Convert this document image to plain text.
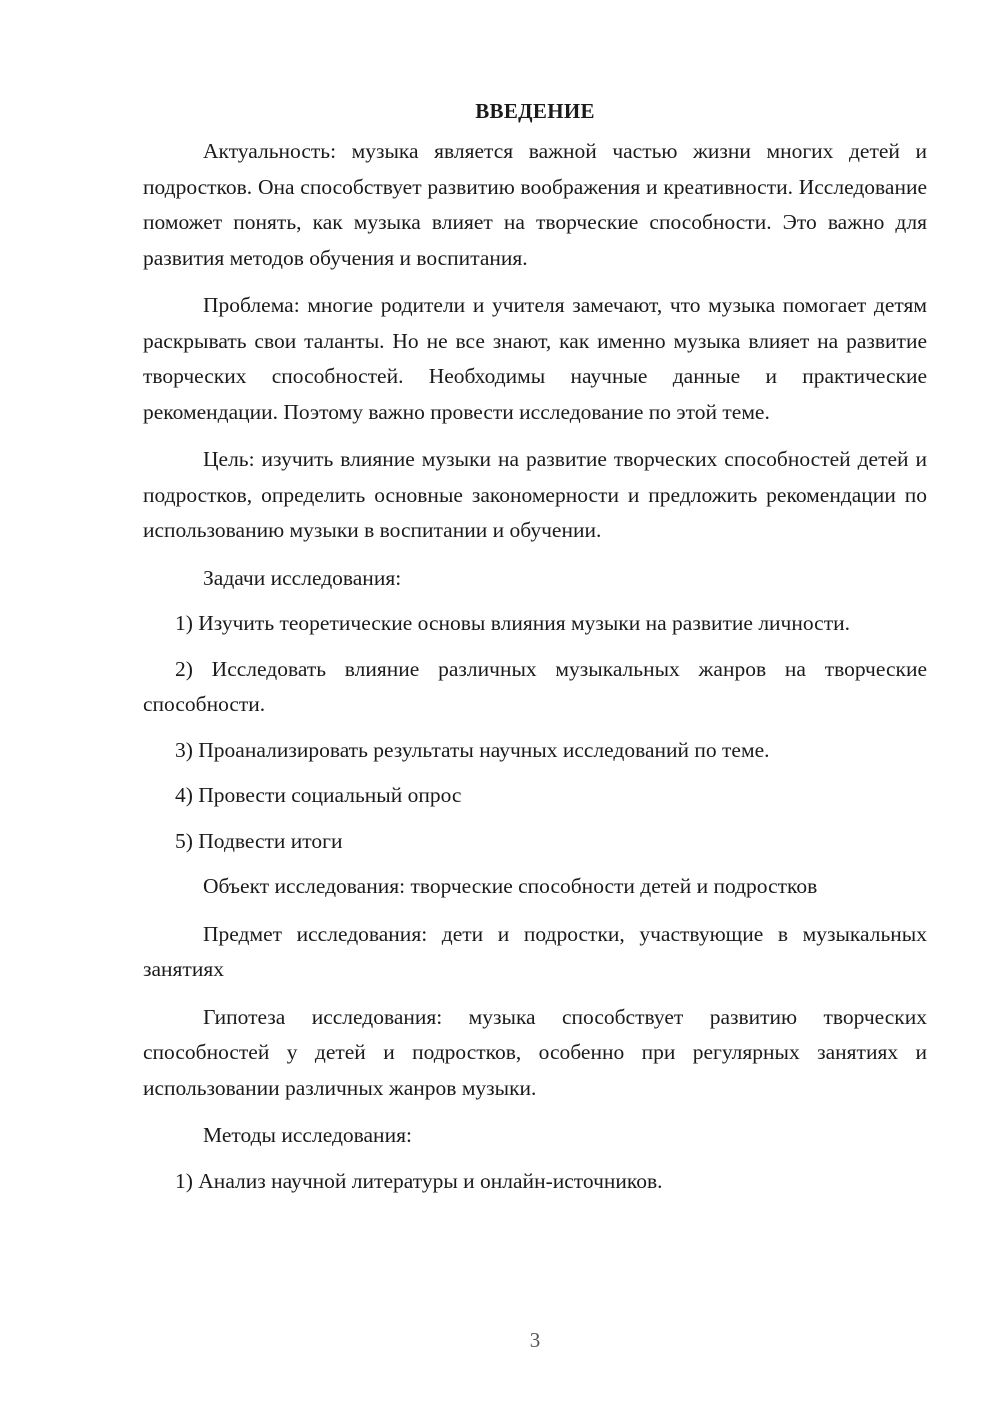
ВВЕДЕНИЕ

Актуальность: музыка является важной частью жизни многих детей и подростков. Она способствует развитию воображения и креативности. Исследование поможет понять, как музыка влияет на творческие способности. Это важно для развития методов обучения и воспитания.

Проблема: многие родители и учителя замечают, что музыка помогает детям раскрывать свои таланты. Но не все знают, как именно музыка влияет на развитие творческих способностей. Необходимы научные данные и практические рекомендации. Поэтому важно провести исследование по этой теме.

Цель: изучить влияние музыки на развитие творческих способностей детей и подростков, определить основные закономерности и предложить рекомендации по использованию музыки в воспитании и обучении.

Задачи исследования:

1) Изучить теоретические основы влияния музыки на развитие личности.

2) Исследовать влияние различных музыкальных жанров на творческие способности.

3) Проанализировать результаты научных исследований по теме.

4) Провести социальный опрос

5) Подвести итоги

Объект исследования: творческие способности детей и подростков

Предмет исследования: дети и подростки, участвующие в музыкальных занятиях

Гипотеза исследования: музыка способствует развитию творческих способностей у детей и подростков, особенно при регулярных занятиях и использовании различных жанров музыки.

Методы исследования:

1) Анализ научной литературы и онлайн-источников.

3
